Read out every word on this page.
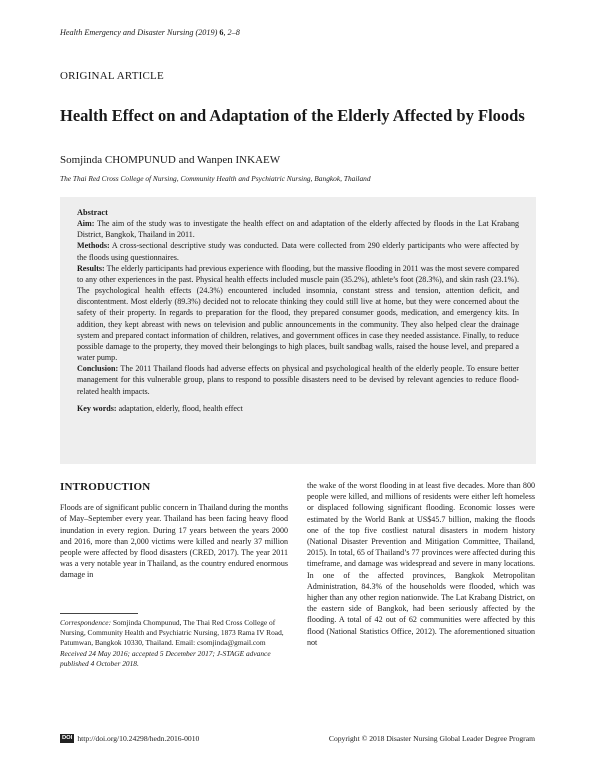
Health Emergency and Disaster Nursing (2019) 6, 2–8
ORIGINAL ARTICLE
Health Effect on and Adaptation of the Elderly Affected by Floods
Somjinda CHOMPUNUD and Wanpen INKAEW
The Thai Red Cross College of Nursing, Community Health and Psychiatric Nursing, Bangkok, Thailand

Abstract

Aim: The aim of the study was to investigate the health effect on and adaptation of the elderly affected by floods in the Lat Krabang District, Bangkok, Thailand in 2011.

Methods: A cross-sectional descriptive study was conducted. Data were collected from 290 elderly participants who were affected by the floods using questionnaires.

Results: The elderly participants had previous experience with flooding, but the massive flooding in 2011 was the most severe compared to any other experiences in the past. Physical health effects included muscle pain (35.2%), athlete’s foot (28.3%), and skin rash (23.1%). The psychological health effects (24.3%) encountered included insomnia, constant stress and tension, attention deficit, and discontentment. Most elderly (89.3%) decided not to relocate thinking they could still live at home, but they were concerned about the safety of their property. In regards to preparation for the flood, they prepared consumer goods, medication, and emergency kits. In addition, they kept abreast with news on television and public announcements in the community. They also helped clear the drainage system and prepared contact information of children, relatives, and government offices in case they needed assistance. Finally, to reduce possible damage to the property, they moved their belongings to high places, built sandbag walls, raised the house level, and prepared a water pump.

Conclusion: The 2011 Thailand floods had adverse effects on physical and psychological health of the elderly people. To ensure better management for this vulnerable group, plans to respond to possible disasters need to be devised by relevant agencies to reduce flood-related health impacts.

Key words: adaptation, elderly, flood, health effect

INTRODUCTION

Floods are of significant public concern in Thailand during the months of May–September every year. Thailand has been facing heavy flood inundation in every region. During 17 years between the years 2000 and 2016, more than 2,000 victims were killed and nearly 37 million people were affected by flood disasters (CRED, 2017). The year 2011 was a very notable year in Thailand, as the country endured enormous damage in

the wake of the worst flooding in at least five decades. More than 800 people were killed, and millions of residents were either left homeless or displaced following significant flooding. Economic losses were estimated by the World Bank at US$45.7 billion, making the floods one of the top five costliest natural disasters in modern history (National Disaster Prevention and Mitigation Committee, Thailand, 2015). In total, 65 of Thailand’s 77 provinces were affected during this timeframe, and damage was widespread and severe in many locations. In one of the affected provinces, Bangkok Metropolitan Administration, 84.3% of the households were flooded, which was higher than any other region nationwide. The Lat Krabang District, on the eastern side of Bangkok, had been seriously affected by the flooding. A total of 42 out of 62 communities were affected by this flood (National Statistics Office, 2012). The aforementioned situation not

Correspondence: Somjinda Chompunud, The Thai Red Cross College of Nursing, Community Health and Psychiatric Nursing, 1873 Rama IV Road, Patumwan, Bangkok 10330, Thailand. Email: csomjinda@gmail.com
Received 24 May 2016; accepted 5 December 2017; J-STAGE advance published 4 October 2018.
DOI http://doi.org/10.24298/hedn.2016-0010	Copyright © 2018 Disaster Nursing Global Leader Degree Program
